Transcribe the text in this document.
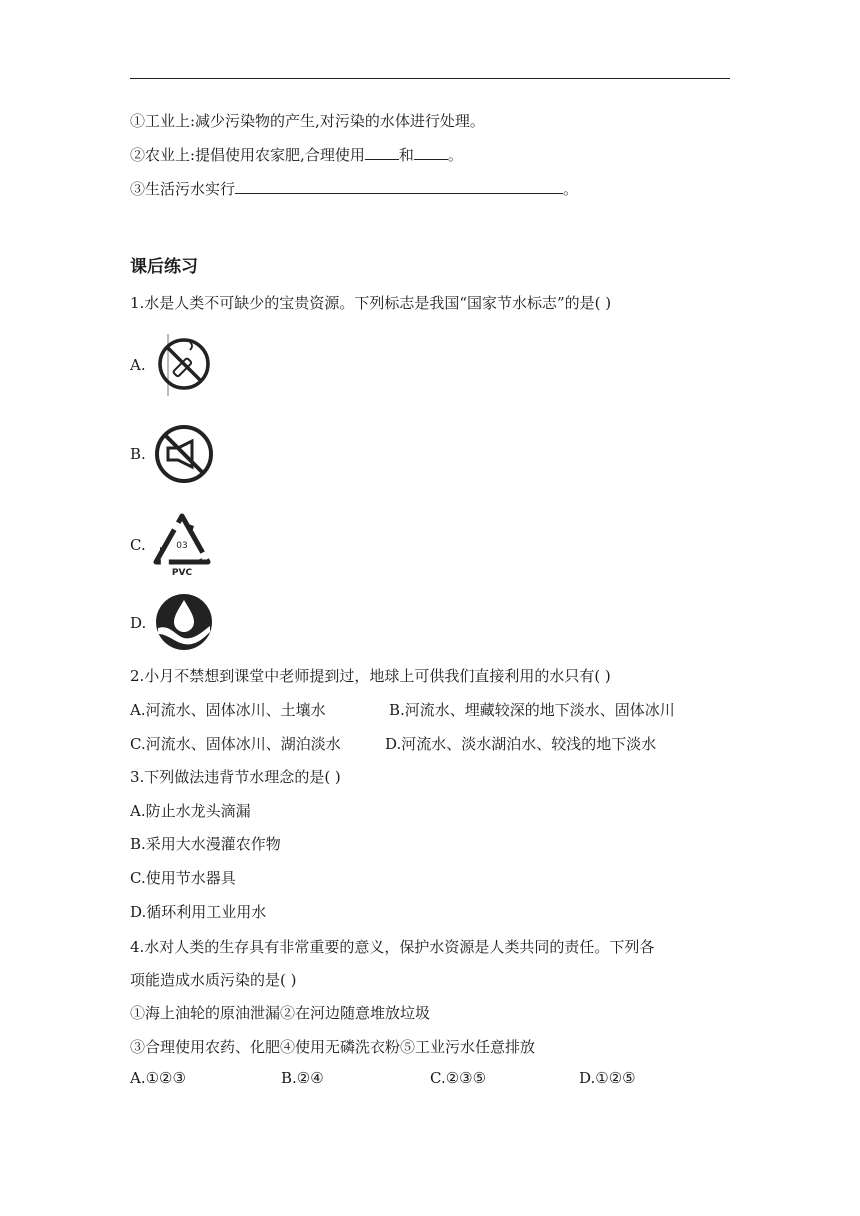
①工业上:减少污染物的产生,对污染的水体进行处理。
②农业上:提倡使用农家肥,合理使用 和 。
③生活污水实行	。
课后练习
1.水是人类不可缺少的宝贵资源。下列标志是我国“国家节水标志”的是( )
A.
B.
C.	03
PVC
D.
2.小月不禁想到课堂中老师提到过，地球上可供我们直接利用的水只有( )
A.河流水、固体冰川、土壤水	B.河流水、埋藏较深的地下淡水、固体冰川
C.河流水、固体冰川、湖泊淡水	D.河流水、淡水湖泊水、较浅的地下淡水
3.下列做法违背节水理念的是( )
A.防止水龙头滴漏
B.采用大水漫灌农作物
C.使用节水器具
D.循环利用工业用水
4.水对人类的生存具有非常重要的意义，保护水资源是人类共同的责任。下列各
项能造成水质污染的是( )
①海上油轮的原油泄漏②在河边随意堆放垃圾
③合理使用农药、化肥④使用无磷洗衣粉⑤工业污水任意排放
A.①②③	B.②④	C.②③⑤	D.①②⑤
